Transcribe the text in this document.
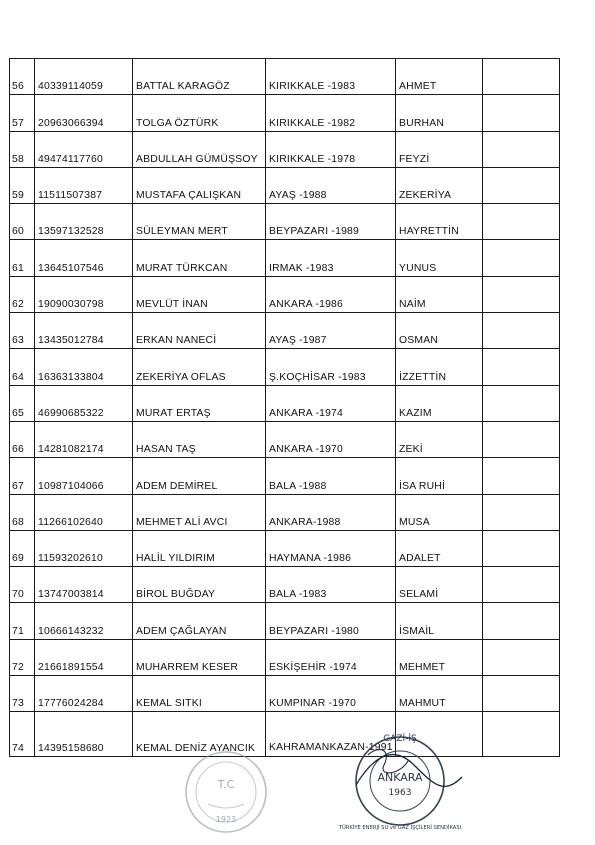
56	40339114059	BATTAL KARAGÖZ	KIRIKKALE -1983	AHMET	
57	20963066394	TOLGA ÖZTÜRK	KIRIKKALE -1982	BURHAN	
58	49474117760	ABDULLAH GÜMÜŞSOY	KIRIKKALE -1978	FEYZİ	
59	11511507387	MUSTAFA ÇALIŞKAN	AYAŞ -1988	ZEKERİYA	
60	13597132528	SÜLEYMAN MERT	BEYPAZARI -1989	HAYRETTİN	
61	13645107546	MURAT TÜRKCAN	IRMAK -1983	YUNUS	
62	19090030798	MEVLÜT İNAN	ANKARA -1986	NAİM	
63	13435012784	ERKAN NANECİ	AYAŞ -1987	OSMAN	
64	16363133804	ZEKERİYA OFLAS	Ş.KOÇHİSAR -1983	İZZETTİN	
65	46990685322	MURAT ERTAŞ	ANKARA -1974	KAZIM	
66	14281082174	HASAN TAŞ	ANKARA -1970	ZEKİ	
67	10987104066	ADEM DEMİREL	BALA -1988	İSA RUHİ	
68	11266102640	MEHMET ALİ AVCI	ANKARA-1988	MUSA	
69	11593202610	HALİL YILDIRIM	HAYMANA -1986	ADALET	
70	13747003814	BİROL BUĞDAY	BALA -1983	SELAMİ	
71	10666143232	ADEM ÇAĞLAYAN	BEYPAZARI -1980	İSMAİL	
72	21661891554	MUHARREM KESER	ESKİŞEHİR -1974	MEHMET	
73	17776024284	KEMAL SITKI	KUMPINAR -1970	MAHMUT	
74	14395158680	KEMAL DENİZ AYANCIK	KAHRAMANKAZAN-​1991		

T.C
1923
GAZİ-İŞ
ANKARA
1963
TÜRKİYE ENERJİ SU ve GAZ İŞÇİLERİ SENDİKASI
